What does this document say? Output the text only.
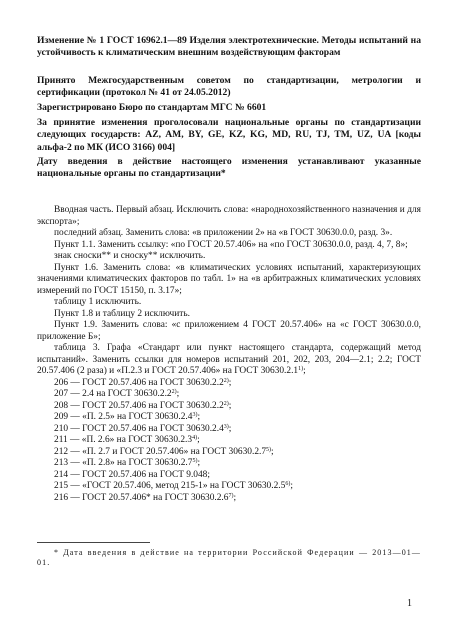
Изменение № 1 ГОСТ 16962.1—89 Изделия электротехнические. Методы испытаний на устойчивость к климатическим внешним воздействующим факторам

Принято Межгосударственным советом по стандартизации, метрологии и сертификации (протокол № 41 от 24.05.2012)

Зарегистрировано Бюро по стандартам МГС № 6601

За принятие изменения проголосовали национальные органы по стандартизации следующих государств: AZ, AM, BY, GE, KZ, KG, MD, RU, TJ, TM, UZ, UA [коды альфа-2 по МК (ИСО 3166) 004]

Дату введения в действие настоящего изменения устанавливают указанные национальные органы по стандартизации*

Вводная часть. Первый абзац. Исключить слова: «народнохозяйственного назначения и для экспорта»;

последний абзац. Заменить слова: «в приложении 2» на «в ГОСТ 30630.0.0, разд. 3».

Пункт 1.1. Заменить ссылку: «по ГОСТ 20.57.406» на «по ГОСТ 30630.0.0, разд. 4, 7, 8»;

знак сноски** и сноску** исключить.

Пункт 1.6. Заменить слова: «в климатических условиях испытаний, характеризующих значениями климатических факторов по табл. 1» на «в арбитражных климатических условиях измерений по ГОСТ 15150, п. 3.17»;

таблицу 1 исключить.

Пункт 1.8 и таблицу 2 исключить.

Пункт 1.9. Заменить слова: «с приложением 4 ГОСТ 20.57.406» на «с ГОСТ 30630.0.0, приложение Б»;

таблица 3. Графа «Стандарт или пункт настоящего стандарта, содержащий метод испытаний». Заменить ссылки для номеров испытаний 201, 202, 203, 204—2.1; 2.2; ГОСТ 20.57.406 (2 раза) и «П.2.3 и ГОСТ 20.57.406» на ГОСТ 30630.2.1$^{1)}$;

206 — ГОСТ 20.57.406 на ГОСТ 30630.2.2$^{2)}$;

207 — 2.4 на ГОСТ 30630.2.2$^{2)}$;

208 — ГОСТ 20.57.406 на ГОСТ 30630.2.2$^{2)}$;

209 — «П. 2.5» на ГОСТ 30630.2.4$^{3)}$;

210 — ГОСТ 20.57.406 на ГОСТ 30630.2.4$^{3)}$;

211 — «П. 2.6» на ГОСТ 30630.2.3$^{4)}$;

212 — «П. 2.7 и ГОСТ 20.57.406» на ГОСТ 30630.2.7$^{5)}$;

213 — «П. 2.8» на ГОСТ 30630.2.7$^{5)}$;

214 — ГОСТ 20.57.406 на ГОСТ 9.048;

215 — «ГОСТ 20.57.406, метод 215-1» на ГОСТ 30630.2.5$^{6)}$;

216 — ГОСТ 20.57.406* на ГОСТ 30630.2.6$^{7)}$;

* Дата введения в действие на территории Российской Федерации — 2013—01—01.

1
